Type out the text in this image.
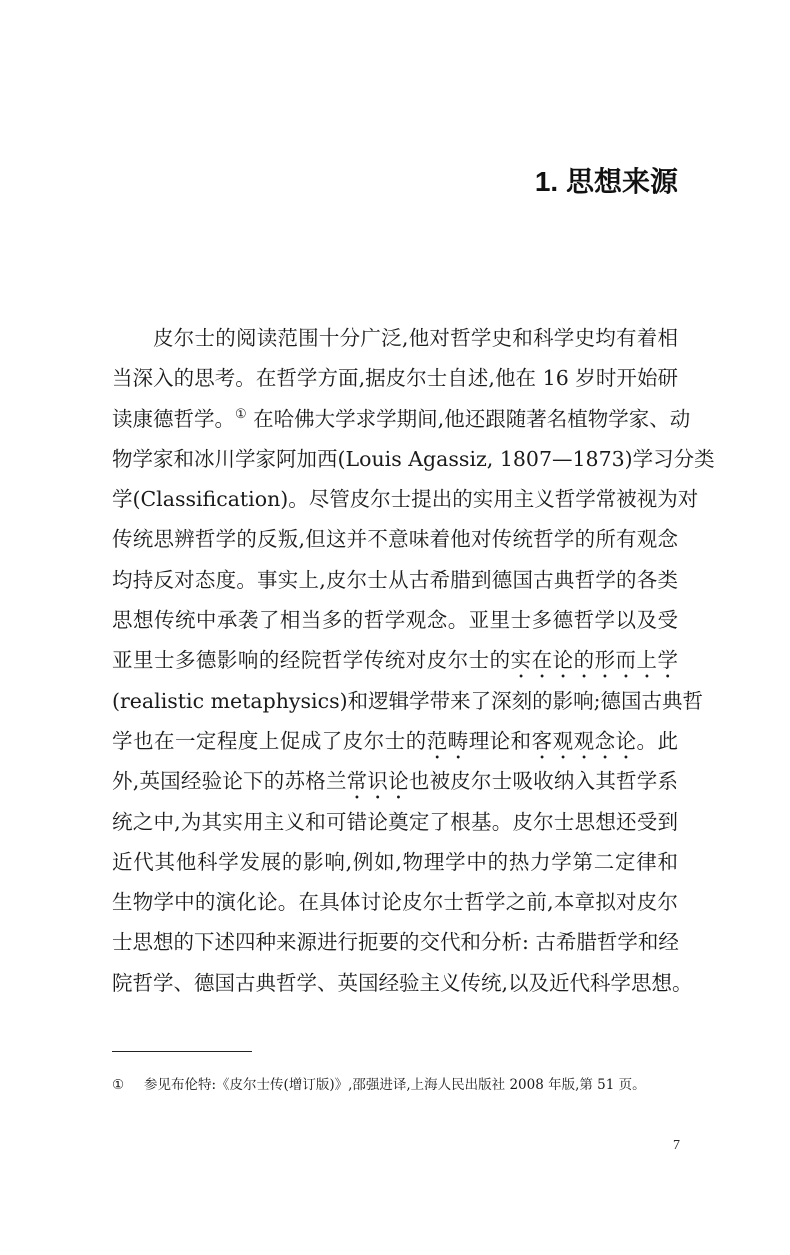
1. 思想来源
皮尔士的阅读范围十分广泛,他对哲学史和科学史均有着相
当深入的思考。在哲学方面,据皮尔士自述,他在 16 岁时开始研
读康德哲学。① 在哈佛大学求学期间,他还跟随著名植物学家、动
物学家和冰川学家阿加西(Louis Agassiz, 1807—1873)学习分类
学(Classification)。尽管皮尔士提出的实用主义哲学常被视为对
传统思辨哲学的反叛,但这并不意味着他对传统哲学的所有观念
均持反对态度。事实上,皮尔士从古希腊到德国古典哲学的各类
思想传统中承袭了相当多的哲学观念。亚里士多德哲学以及受
亚里士多德影响的经院哲学传统对皮尔士的实在论的形而上学
(realistic metaphysics)和逻辑学带来了深刻的影响;德国古典哲
学也在一定程度上促成了皮尔士的范畴理论和客观观念论。此
外,英国经验论下的苏格兰常识论也被皮尔士吸收纳入其哲学系
统之中,为其实用主义和可错论奠定了根基。皮尔士思想还受到
近代其他科学发展的影响,例如,物理学中的热力学第二定律和
生物学中的演化论。在具体讨论皮尔士哲学之前,本章拟对皮尔
士思想的下述四种来源进行扼要的交代和分析: 古希腊哲学和经
院哲学、德国古典哲学、英国经验主义传统,以及近代科学思想。
① 参见布伦特:《皮尔士传(增订版)》,邵强进译,上海人民出版社 2008 年版,第 51 页。
7
